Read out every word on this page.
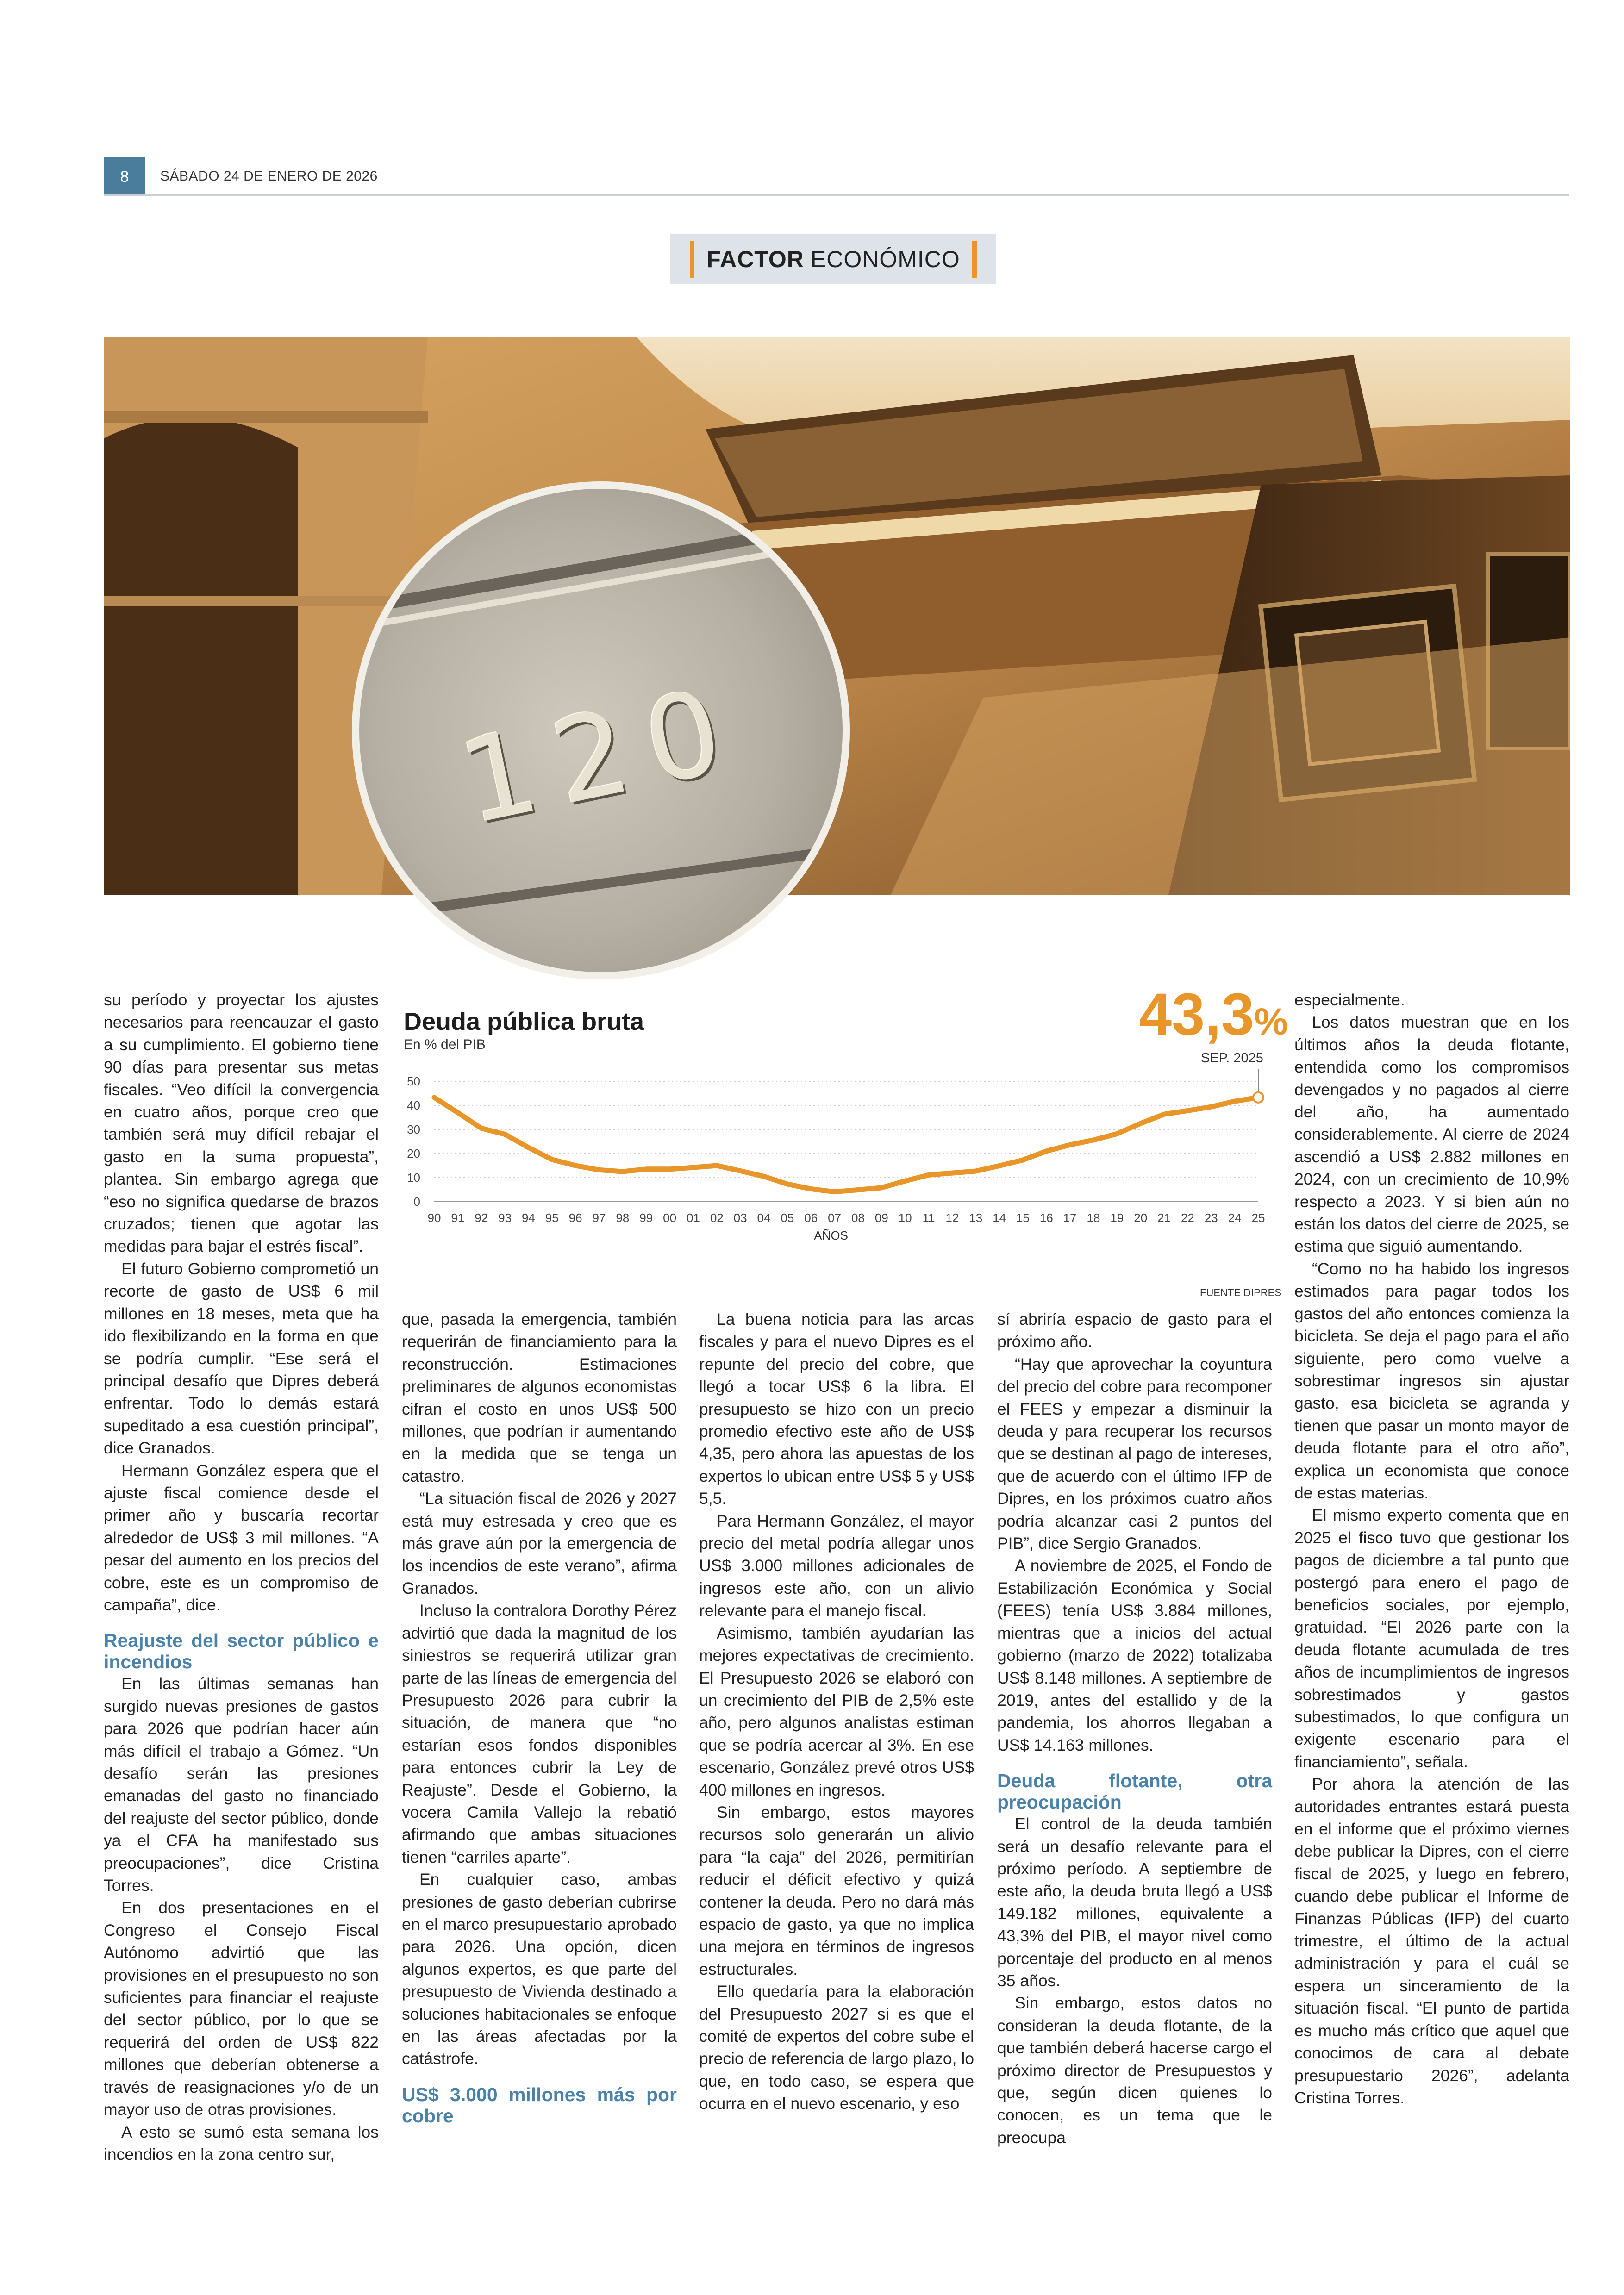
8	SÁBADO 24 DE ENERO DE 2026
FACTOR ECONÓMICO
120
Deuda pública bruta
En % del PIB	43,3%
SEP. 2025
FUENTE DIPRES
0
10
20
30
40
50
90 91 92 93 94 95 96 97 98 99 00 01 02 03 04 05 06 07 08 09 10 11 12 13 14 15 16 17 18 19 20 21 22 23 24 25
AÑOS

su período y proyectar los ajustes necesarios para reencauzar el gasto a su cumplimiento. El gobierno tiene 90 días para presentar sus metas fiscales. “Veo difícil la convergencia en cuatro años, porque creo que también será muy difícil rebajar el gasto en la suma propuesta”, plantea. Sin embargo agrega que “eso no significa quedarse de brazos cruzados; tienen que agotar las medidas para bajar el estrés fiscal”.

El futuro Gobierno comprometió un recorte de gasto de US$ 6 mil millones en 18 meses, meta que ha ido flexibilizando en la forma en que se podría cumplir. “Ese será el principal desafío que Dipres deberá enfrentar. Todo lo demás estará supeditado a esa cuestión principal”, dice Granados.

Hermann González espera que el ajuste fiscal comience desde el primer año y buscaría recortar alrededor de US$ 3 mil millones. “A pesar del aumento en los precios del cobre, este es un compromiso de campaña”, dice.

Reajuste del sector público e incendios

En las últimas semanas han surgido nuevas presiones de gastos para 2026 que podrían hacer aún más difícil el trabajo a Gómez. “Un desafío serán las presiones emanadas del gasto no financiado del reajuste del sector público, donde ya el CFA ha manifestado sus preocupaciones”, dice Cristina Torres.

En dos presentaciones en el Congreso el Consejo Fiscal Autónomo advirtió que las provisiones en el presupuesto no son suficientes para financiar el reajuste del sector público, por lo que se requerirá del orden de US$ 822 millones que deberían obtenerse a través de reasignaciones y/o de un mayor uso de otras provisiones.

A esto se sumó esta semana los incendios en la zona centro sur,

que, pasada la emergencia, también requerirán de financiamiento para la reconstrucción. Estimaciones preliminares de algunos economistas cifran el costo en unos US$ 500 millones, que podrían ir aumentando en la medida que se tenga un catastro.

“La situación fiscal de 2026 y 2027 está muy estresada y creo que es más grave aún por la emergencia de los incendios de este verano”, afirma Granados.

Incluso la contralora Dorothy Pérez advirtió que dada la magnitud de los siniestros se requerirá utilizar gran parte de las líneas de emergencia del Presupuesto 2026 para cubrir la situación, de manera que “no estarían esos fondos disponibles para entonces cubrir la Ley de Reajuste”. Desde el Gobierno, la vocera Camila Vallejo la rebatió afirmando que ambas situaciones tienen “carriles aparte”.

En cualquier caso, ambas presiones de gasto deberían cubrirse en el marco presupuestario aprobado para 2026. Una opción, dicen algunos expertos, es que parte del presupuesto de Vivienda destinado a soluciones habitacionales se enfoque en las áreas afectadas por la catástrofe.

US$ 3.000 millones más por cobre

La buena noticia para las arcas fiscales y para el nuevo Dipres es el repunte del precio del cobre, que llegó a tocar US$ 6 la libra. El presupuesto se hizo con un precio promedio efectivo este año de US$ 4,35, pero ahora las apuestas de los expertos lo ubican entre US$ 5 y US$ 5,5.

Para Hermann González, el mayor precio del metal podría allegar unos US$ 3.000 millones adicionales de ingresos este año, con un alivio relevante para el manejo fiscal.

Asimismo, también ayudarían las mejores expectativas de crecimiento. El Presupuesto 2026 se elaboró con un crecimiento del PIB de 2,5% este año, pero algunos analistas estiman que se podría acercar al 3%. En ese escenario, González prevé otros US$ 400 millones en ingresos.

Sin embargo, estos mayores recursos solo generarán un alivio para “la caja” del 2026, permitirían reducir el déficit efectivo y quizá contener la deuda. Pero no dará más espacio de gasto, ya que no implica una mejora en términos de ingresos estructurales.

Ello quedaría para la elaboración del Presupuesto 2027 si es que el comité de expertos del cobre sube el precio de referencia de largo plazo, lo que, en todo caso, se espera que ocurra en el nuevo escenario, y eso

sí abriría espacio de gasto para el próximo año.

“Hay que aprovechar la coyuntura del precio del cobre para recomponer el FEES y empezar a disminuir la deuda y para recuperar los recursos que se destinan al pago de intereses, que de acuerdo con el último IFP de Dipres, en los próximos cuatro años podría alcanzar casi 2 puntos del PIB”, dice Sergio Granados.

A noviembre de 2025, el Fondo de Estabilización Económica y Social (FEES) tenía US$ 3.884 millones, mientras que a inicios del actual gobierno (marzo de 2022) totalizaba US$ 8.148 millones. A septiembre de 2019, antes del estallido y de la pandemia, los ahorros llegaban a US$ 14.163 millones.

Deuda flotante, otra preocupación

El control de la deuda también será un desafío relevante para el próximo período. A septiembre de este año, la deuda bruta llegó a US$ 149.182 millones, equivalente a 43,3% del PIB, el mayor nivel como porcentaje del producto en al menos 35 años.

Sin embargo, estos datos no consideran la deuda flotante, de la que también deberá hacerse cargo el próximo director de Presupuestos y que, según dicen quienes lo conocen, es un tema que le preocupa

especialmente.

Los datos muestran que en los últimos años la deuda flotante, entendida como los compromisos devengados y no pagados al cierre del año, ha aumentado considerablemente. Al cierre de 2024 ascendió a US$ 2.882 millones en 2024, con un crecimiento de 10,9% respecto a 2023. Y si bien aún no están los datos del cierre de 2025, se estima que siguió aumentando.

“Como no ha habido los ingresos estimados para pagar todos los gastos del año entonces comienza la bicicleta. Se deja el pago para el año siguiente, pero como vuelve a sobrestimar ingresos sin ajustar gasto, esa bicicleta se agranda y tienen que pasar un monto mayor de deuda flotante para el otro año”, explica un economista que conoce de estas materias.

El mismo experto comenta que en 2025 el fisco tuvo que gestionar los pagos de diciembre a tal punto que postergó para enero el pago de beneficios sociales, por ejemplo, gratuidad. “El 2026 parte con la deuda flotante acumulada de tres años de incumplimientos de ingresos sobrestimados y gastos subestimados, lo que configura un exigente escenario para el financiamiento”, señala.

Por ahora la atención de las autoridades entrantes estará puesta en el informe que el próximo viernes debe publicar la Dipres, con el cierre fiscal de 2025, y luego en febrero, cuando debe publicar el Informe de Finanzas Públicas (IFP) del cuarto trimestre, el último de la actual administración y para el cuál se espera un sinceramiento de la situación fiscal. “El punto de partida es mucho más crítico que aquel que conocimos de cara al debate presupuestario 2026”, adelanta Cristina Torres.
